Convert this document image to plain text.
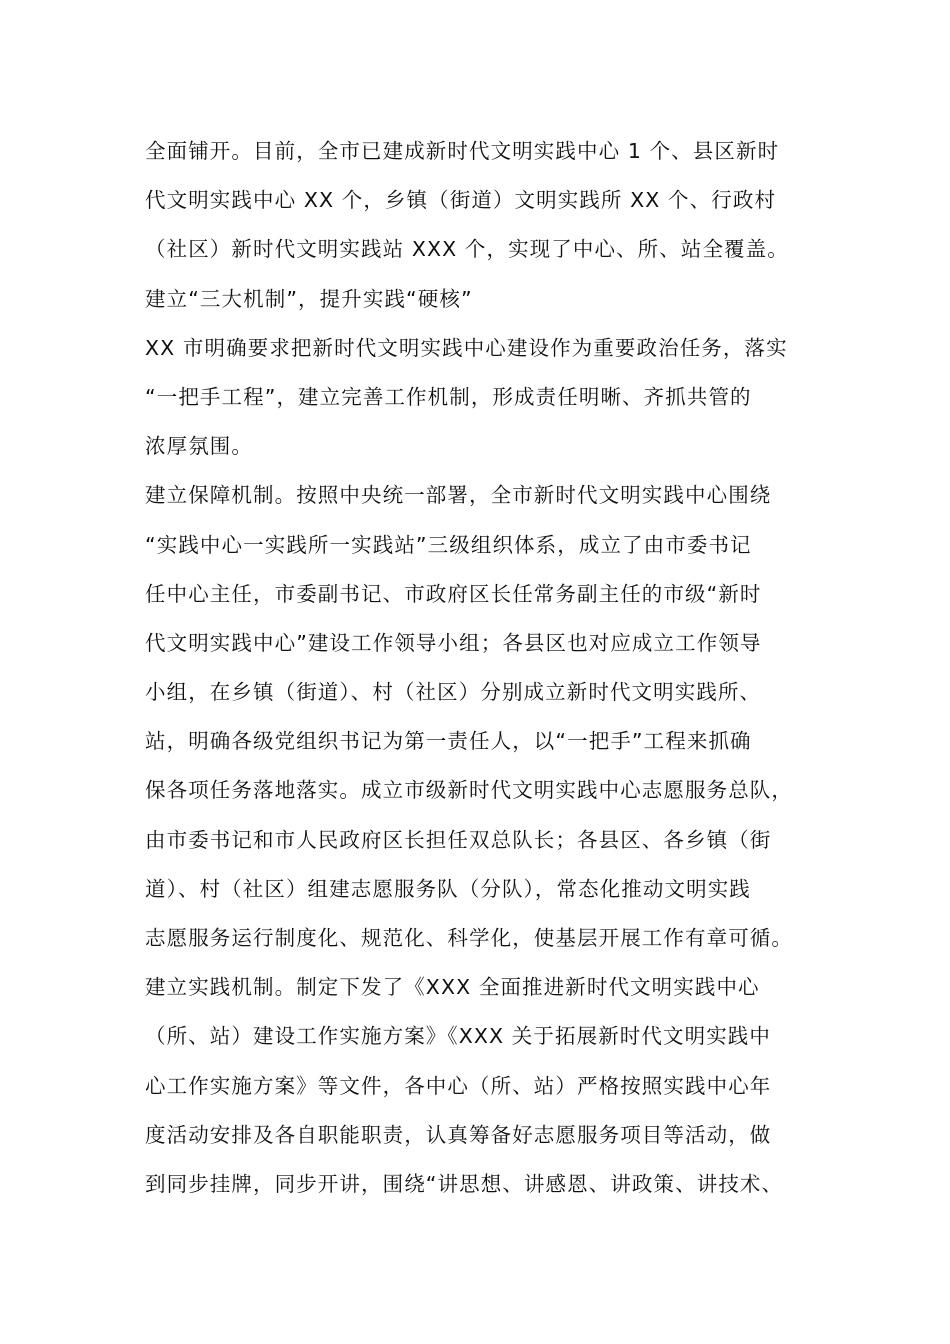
全面铺开。目前，全市已建成新时代文明实践中心 1 个、县区新时
代文明实践中心 XX 个，乡镇（街道）文明实践所 XX 个、行政村
（社区）新时代文明实践站 XXX 个，实现了中心、所、站全覆盖。
建立“三大机制”，提升实践“硬核”
XX 市明确要求把新时代文明实践中心建设作为重要政治任务，落实
“一把手工程”，建立完善工作机制，形成责任明晰、齐抓共管的
浓厚氛围。
建立保障机制。按照中央统一部署，全市新时代文明实践中心围绕
“实践中心一实践所一实践站”三级组织体系，成立了由市委书记
任中心主任，市委副书记、市政府区长任常务副主任的市级“新时
代文明实践中心”建设工作领导小组；各县区也对应成立工作领导
小组，在乡镇（街道）、村（社区）分别成立新时代文明实践所、
站，明确各级党组织书记为第一责任人，以“一把手”工程来抓确
保各项任务落地落实。成立市级新时代文明实践中心志愿服务总队，
由市委书记和市人民政府区长担任双总队长；各县区、各乡镇（街
道）、村（社区）组建志愿服务队（分队），常态化推动文明实践
志愿服务运行制度化、规范化、科学化，使基层开展工作有章可循。
建立实践机制。制定下发了《XXX 全面推进新时代文明实践中心
（所、站）建设工作实施方案》《XXX 关于拓展新时代文明实践中
心工作实施方案》等文件，各中心（所、站）严格按照实践中心年
度活动安排及各自职能职责，认真筹备好志愿服务项目等活动，做
到同步挂牌，同步开讲，围绕“讲思想、讲感恩、讲政策、讲技术、
